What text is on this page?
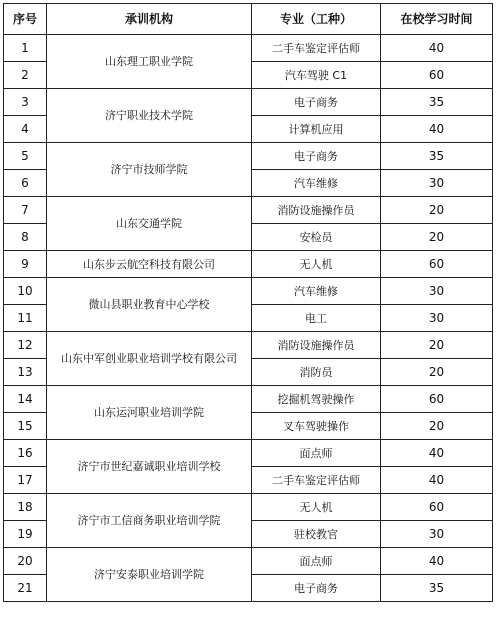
序号	承训机构	专业（工种）	在校学习时间
1	山东理工职业学院	二手车鉴定评估师	40
2		汽车驾驶 C1	60
3	济宁职业技术学院	电子商务	35
4		计算机应用	40
5	济宁市技师学院	电子商务	35
6		汽车维修	30
7	山东交通学院	消防设施操作员	20
8		安检员	20
9	山东步云航空科技有限公司	无人机	60
10	微山县职业教育中心学校	汽车维修	30
11		电工	30
12	山东中军创业职业培训学校有限公司	消防设施操作员	20
13		消防员	20
14	山东运河职业培训学院	挖掘机驾驶操作	60
15		叉车驾驶操作	20
16	济宁市世纪嘉诚职业培训学校	面点师	40
17		二手车鉴定评估师	40
18	济宁市工信商务职业培训学院	无人机	60
19		驻校教官	30
20	济宁安泰职业培训学院	面点师	40
21		电子商务	35
